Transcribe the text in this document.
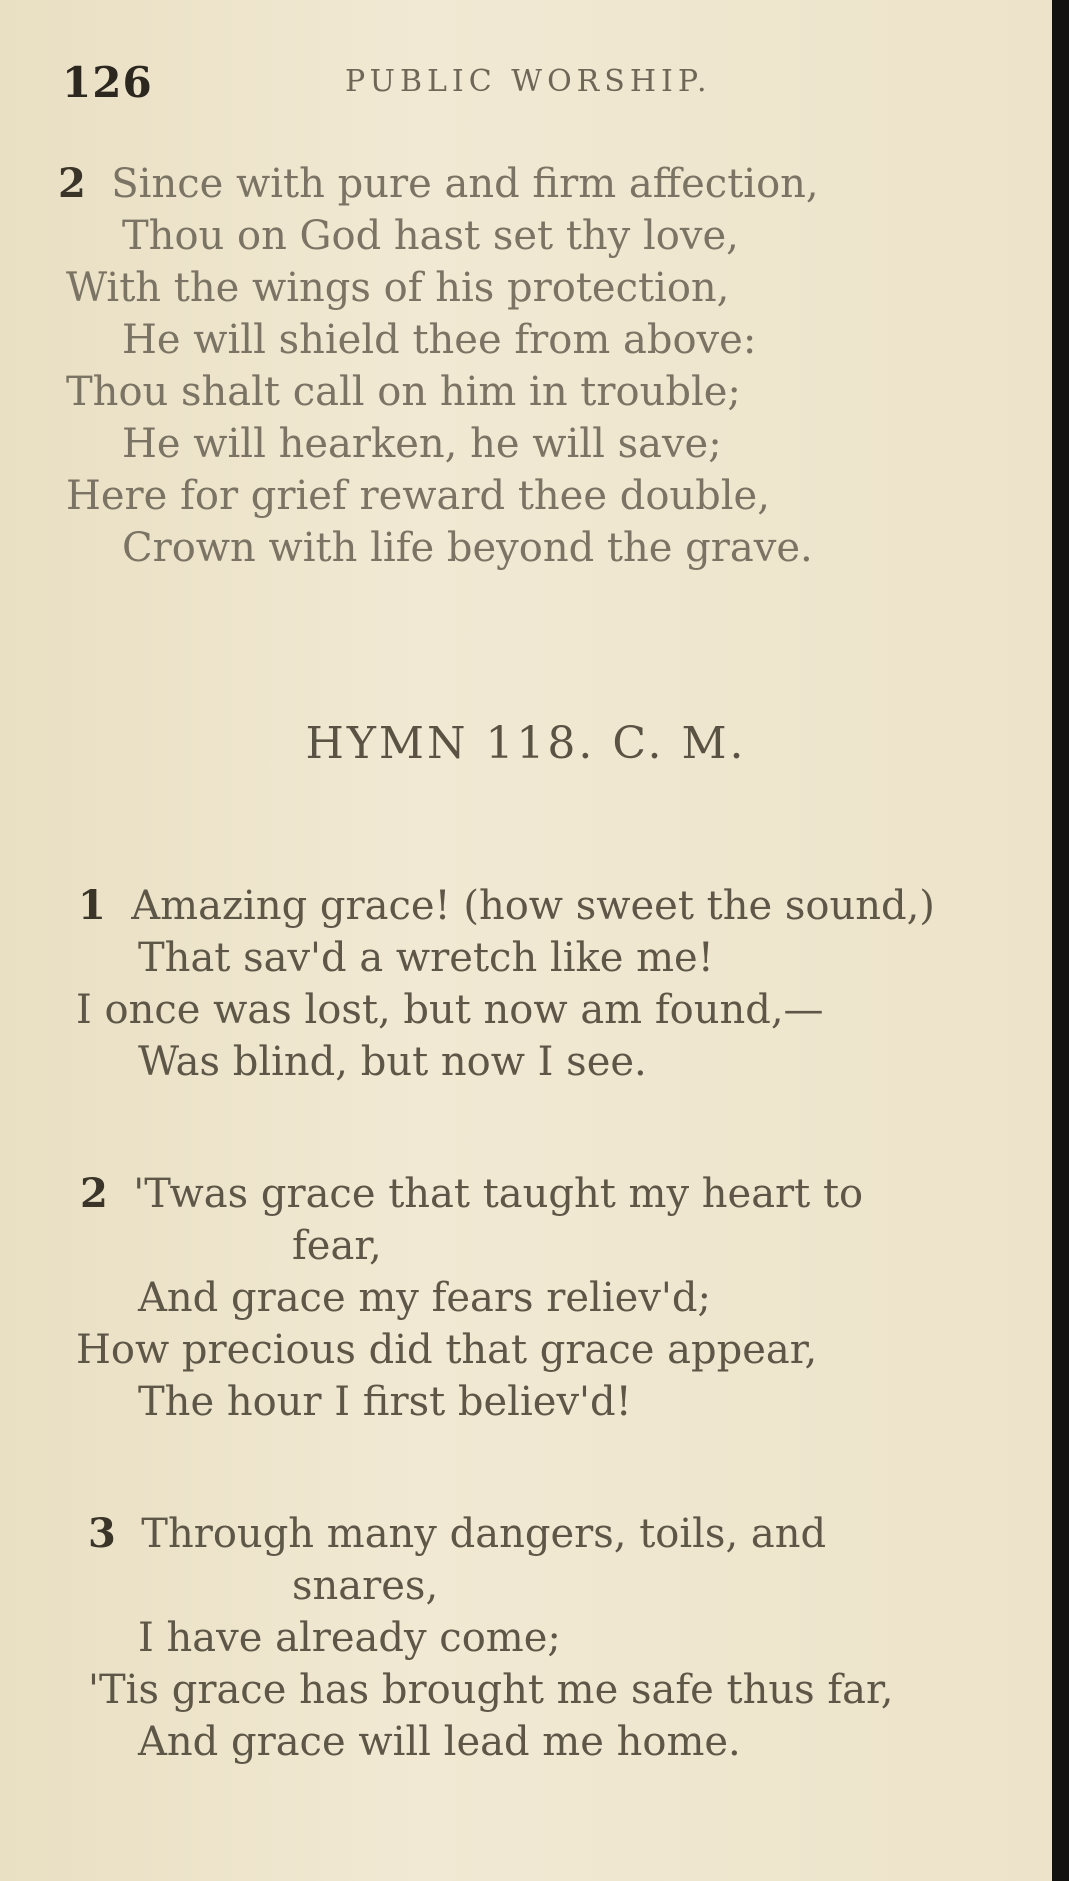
126	PUBLIC WORSHIP.
2 Since with pure and firm affection,
Thou on God hast set thy love,
With the wings of his protection,
He will shield thee from above:
Thou shalt call on him in trouble;
He will hearken, he will save;
Here for grief reward thee double,
Crown with life beyond the grave.
HYMN 118. C. M.
1 Amazing grace! (how sweet the sound,)
That sav'd a wretch like me!
I once was lost, but now am found,—
Was blind, but now I see.
2 'Twas grace that taught my heart to
fear,
And grace my fears reliev'd;
How precious did that grace appear,
The hour I first believ'd!
3 Through many dangers, toils, and
snares,
I have already come;
'Tis grace has brought me safe thus far,
And grace will lead me home.
